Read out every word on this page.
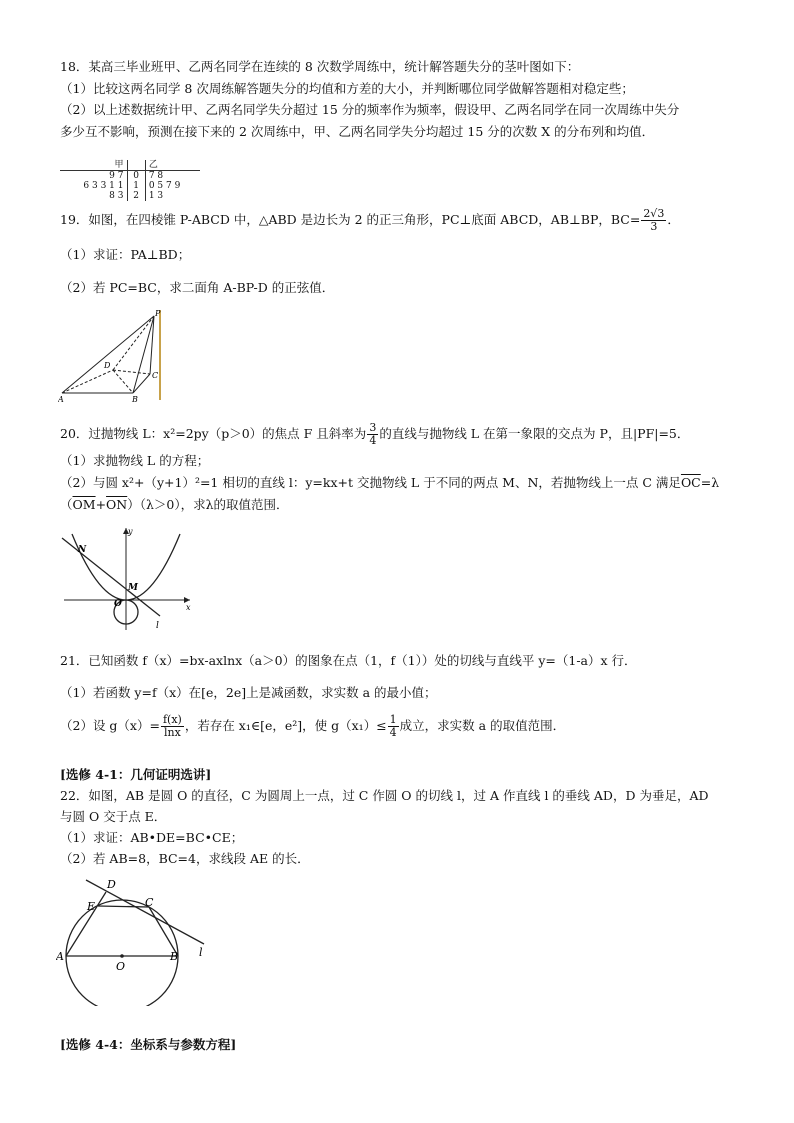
18．某高三毕业班甲、乙两名同学在连续的 8 次数学周练中，统计解答题失分的茎叶图如下：
（1）比较这两名同学 8 次周练解答题失分的均值和方差的大小，并判断哪位同学做解答题相对稳定些；
（2）以上述数据统计甲、乙两名同学失分超过 15 分的频率作为频率，假设甲、乙两名同学在同一次周练中失分
多少互不影响，预测在接下来的 2 次周练中，甲、乙两名同学失分均超过 15 分的次数 X 的分布列和均值．
甲		乙
9 7	0	7 8
6 3 3 1 1	1	0 5 7 9
8 3	2	1 3
19．如图，在四棱锥 P-ABCD 中，△ABD 是边长为 2 的正三角形，PC⊥底面 ABCD，AB⊥BP，$BC= \frac{2√3}{3}$ ．
（1）求证：PA⊥BD；
（2）若 PC=BC，求二面角 A-BP-D 的正弦值．
P
D
C
A	B
20．过抛物线 L：x²=2py（p＞0）的焦点 F 且斜率为 $\frac{3}{4}$ 的直线与抛物线 L 在第一象限的交点为 P，且|PF|=5．
（1）求抛物线 L 的方程；
（2）与圆 x²+（y+1）²=1 相切的直线 l：y=kx+t 交抛物线 L 于不同的两点 M、N，若抛物线上一点 C 满足$\overline{OC}=\lambda$
$(\overline{OM}+\overline{ON})(\lambda>0)$，求λ的取值范围．
y
x
N
M
O
l
21．已知函数 f（x）=bx-axlnx（a＞0）的图象在点（1，f（1））处的切线与直线平 y=（1-a）x 行．
（1）若函数 y=f（x）在[e，2e]上是减函数，求实数 a 的最小值；
（2）设 $g(x)= \frac{f(x)}{\ln x}$ ，若存在 x₁∈[e，e²]，使 $g(x_1)\le \frac{1}{4}$ 成立，求实数 a 的取值范围．
[选修 4-1：几何证明选讲]
22．如图，AB 是圆 O 的直径，C 为圆周上一点，过 C 作圆 O 的切线 l，过 A 作直线 l 的垂线 AD，D 为垂足，AD
与圆 O 交于点 E．
（1）求证：AB•DE=BC•CE；
（2）若 AB=8，BC=4，求线段 AE 的长．
D
E	C
A
O
B l
[选修 4-4：坐标系与参数方程]
